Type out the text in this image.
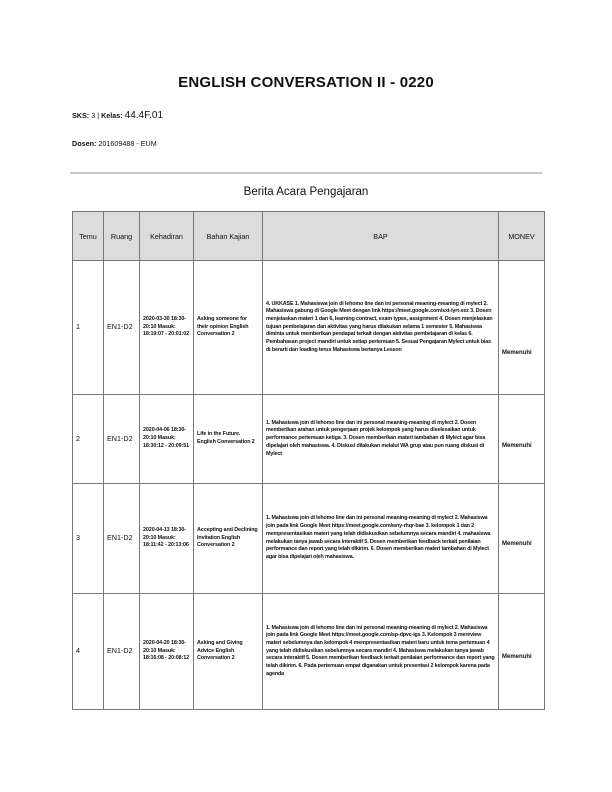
ENGLISH CONVERSATION II - 0220
SKS: 3 | Kelas: 44.4F.01
Dosen: 201609488 - EUM
Berita Acara Pengajaran
Temu	Ruang	Kehadiran	Bahan Kajian	BAP	MONEV
1	EN1-D2	2020-03-30 18:30-20:10 Masuk: 18:19:07 - 20:01:02	Asking someone for their opinion English Conversation 2	4. UKKASE 1. Mahasiswa join di lehomo line dan ini personal meaning-meaning di mylect 2. Mahasiswa gabung di Google Meet dengan link https://meet.google.com/sxt-iyrt-xez 3. Dosen menjelaskan materi 1 dan 6, learning contract, exam types, assignment 4. Dosen menjelaskan tujuan pembelajaran dan aktivitas yang harus dilakukan selama 1 semester 5. Mahasiswa diminta untuk memberikan pendapat terkait dengan aktivitas pembelajaran di kelas 6. Pembahasan project mandiri untuk setiap pertemuan 5. Sesuai Pengajaran Mylect untuk bias di berarti dan loading terus Mahasiswa bertanya Lesson	Memenuhi
2	EN1-D2	2020-04-06 18:30-20:10 Masuk: 18:30:12 - 20:09:51	Life in the Future. English Conversation 2	1. Mahasiswa join di lehomo line dan ini personal meaning-meaning di mylect 2. Dosen memberikan arahan untuk pengerjaan projek kelompok yang harus diselesaikan untuk performance pertemuan ketiga. 3. Dosen memberikan materi tambahan di Mylect agar bisa dipelajari oleh mahasiswa. 4. Diskusi dilakukan melalui WA grup atau pun ruang diskusi di Mylect	Memenuhi
3	EN1-D2	2020-04-13 18:30-20:10 Masuk: 18:11:42 - 20:13:06	Accepting and Declining Invitation English Conversation 2	1. Mahasiswa join di lehomo line dan ini personal meaning-meaning di mylect 2. Mahasiswa join pada link Google Meet https://meet.google.com/wny-rhqr-bae 3. kelompok 1 dan 2 mempresentasikan materi yang telah didiskusikan sebelumnya secara mandiri 4. mahasiswa melakukan tanya jawab secara interaktif 5. Dosen memberikan feedback terkait penilaian performance dan report yang telah dikirim. 6. Dosen memberikan materi tambahan di Mylect agar bisa dipelajari oleh mahasiswa.	Memenuhi
4	EN1-D2	2020-04-20 18:30-20:10 Masuk: 18:16:08 - 20:08:12	Asking and Giving Advice English Conversation 2	1. Mahasiswa join di lehomo line dan ini personal meaning-meaning di mylect 2. Mahasiswa join pada link Google Meet https://meet.google.com/sp-dpvc-igs 3. Kelompok 3 mereview materi sebelumnya dan kelompok 4 mempresentasikan materi baru untuk tema pertemuan 4 yang telah didiskusikan sebelumnya secara mandiri 4. Mahasiswa melakukan tanya jawab secara interaktif 5. Dosen memberikan feedback terkait penilaian performance dan report yang telah dikirim. 6. Pada pertemuan empat diganakan untuk presentasi 2 kelompok karena pada agenda	Memenuhi
